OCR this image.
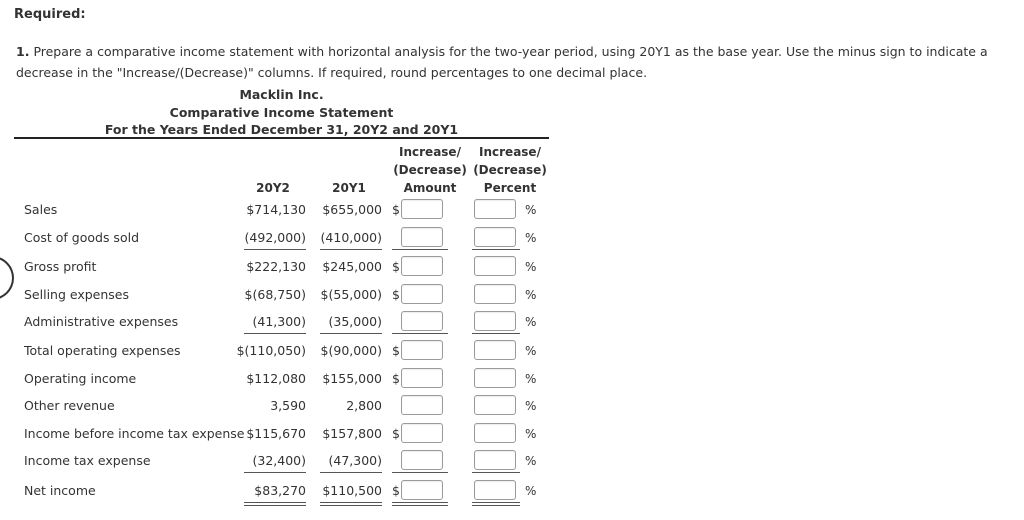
Required:
1. Prepare a comparative income statement with horizontal analysis for the two-year period, using 20Y1 as the base year. Use the minus sign to indicate a decrease in the "Increase/(Decrease)" columns. If required, round percentages to one decimal place.
Macklin Inc.
Comparative Income Statement
For the Years Ended December 31, 20Y2 and 20Y1
Increase/
(Decrease)
Amount
Increase/
(Decrease)
Percent
20Y2	20Y1
Sales	$714,130	$655,000 $	%
Cost of goods sold	(492,000)	(410,000)	%
Gross profit	$222,130	$245,000 $	%
Selling expenses	$(68,750)	$(55,000) $	%
Administrative expenses	(41,300)	(35,000)	%
Total operating expenses	$(110,050)	$(90,000) $	%
Operating income	$112,080	$155,000 $	%
Other revenue	3,590	2,800	%
Income before income tax expense $115,670	$157,800 $	%
Income tax expense	(32,400)	(47,300)	%
Net income	$83,270	$110,500 $	%
